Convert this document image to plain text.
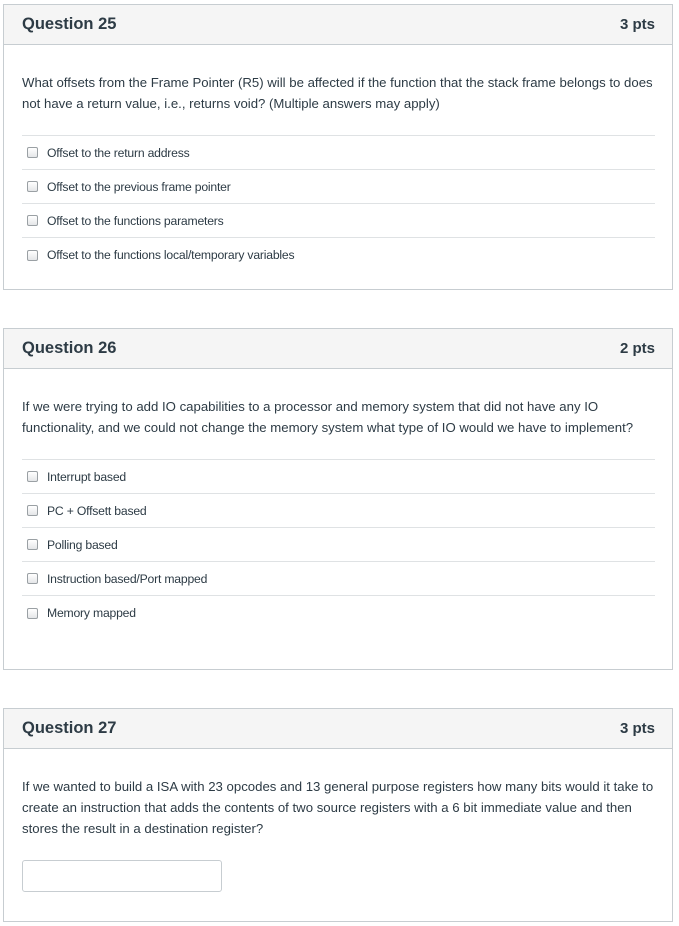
Question 25	3 pts

What offsets from the Frame Pointer (R5) will be affected if the function that the stack frame belongs to does not have a return value, i.e., returns void? (Multiple answers may apply)

Offset to the return address
Offset to the previous frame pointer
Offset to the functions parameters
Offset to the functions local/temporary variables
Question 26	2 pts

If we were trying to add IO capabilities to a processor and memory system that did not have any IO functionality, and we could not change the memory system what type of IO would we have to implement?

Interrupt based
PC + Offsett based
Polling based
Instruction based/Port mapped
Memory mapped
Question 27	3 pts

If we wanted to build a ISA with 23 opcodes and 13 general purpose registers how many bits would it take to create an instruction that adds the contents of two source registers with a 6 bit immediate value and then stores the result in a destination register?
